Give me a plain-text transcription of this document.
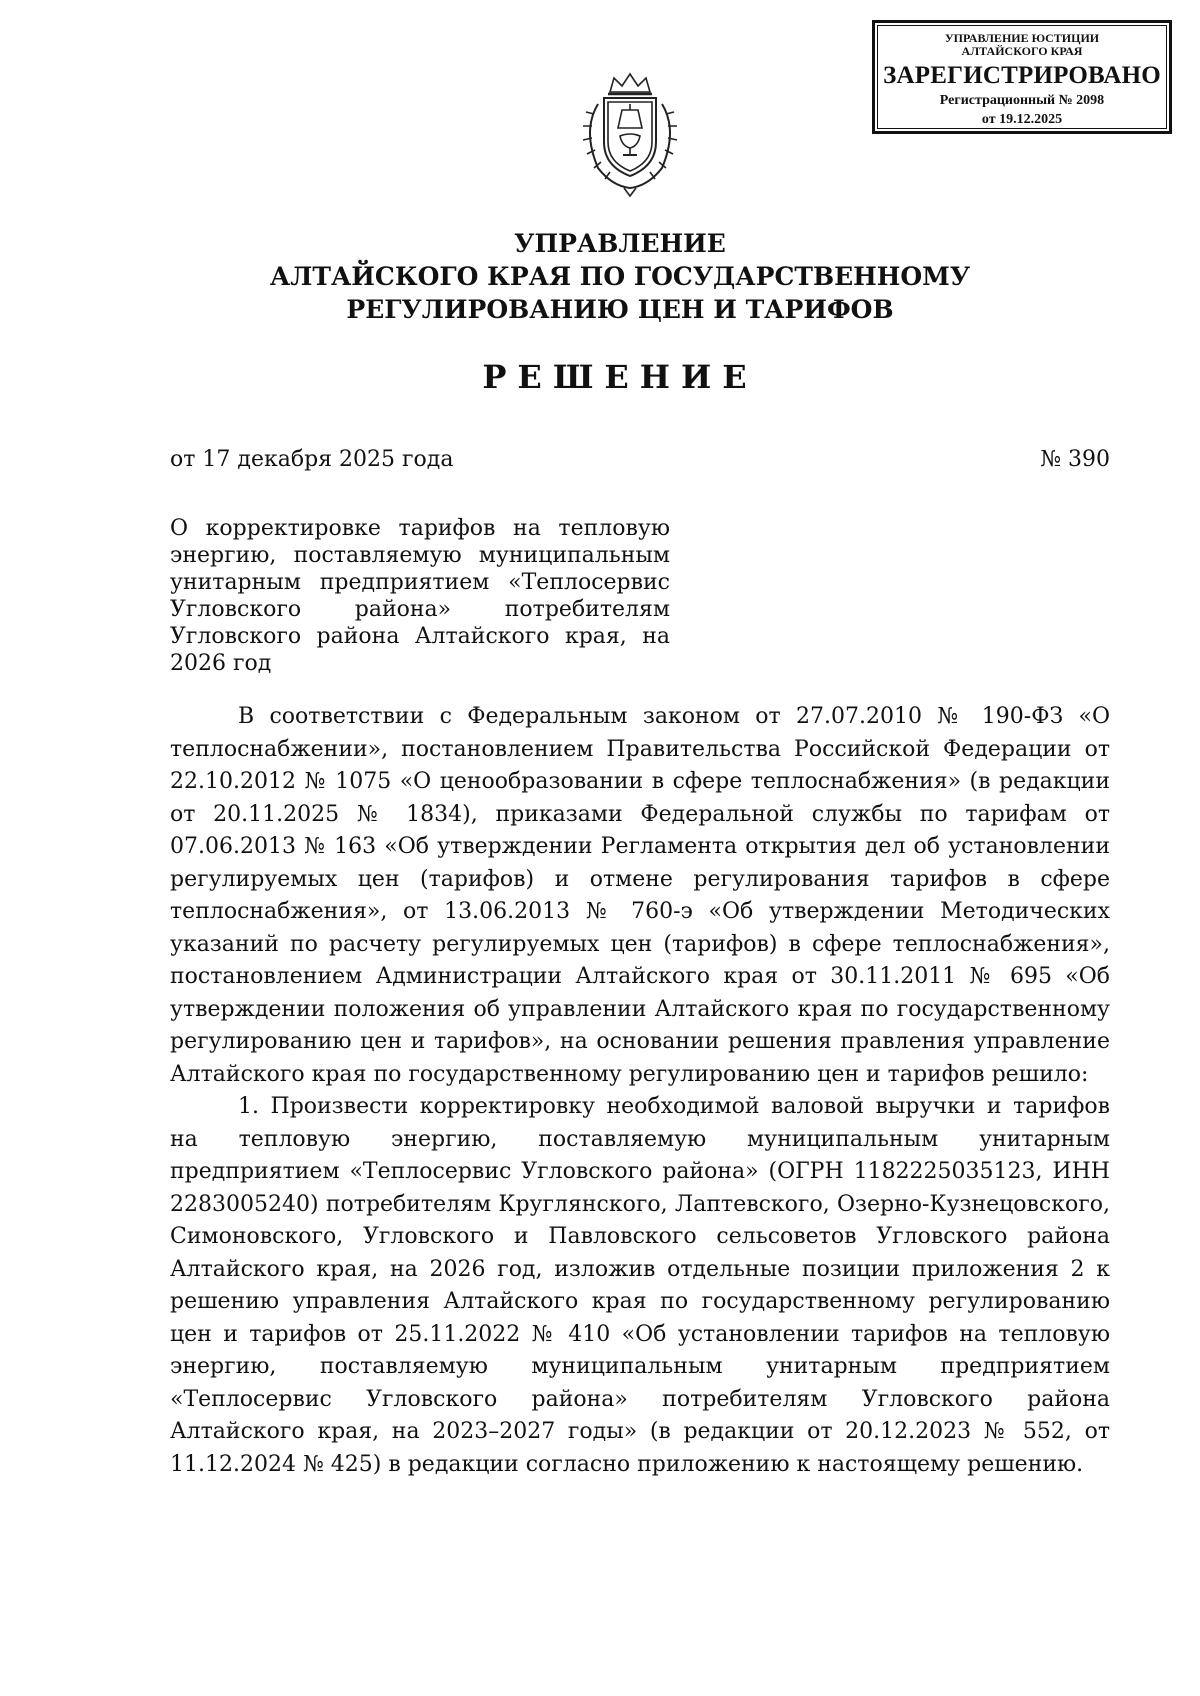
УПРАВЛЕНИЕ ЮСТИЦИИ
АЛТАЙСКОГО КРАЯ
ЗАРЕГИСТРИРОВАНО
Регистрационный № 2098
от 19.12.2025
УПРАВЛЕНИЕ
АЛТАЙСКОГО КРАЯ ПО ГОСУДАРСТВЕННОМУ
РЕГУЛИРОВАНИЮ ЦЕН И ТАРИФОВ
РЕШЕНИЕ
от 17 декабря 2025 года	№ 390
О корректировке тарифов на тепловую энергию, поставляемую муниципальным унитарным предприятием «Теплосервис Угловского района» потребителям Угловского района Алтайского края, на 2026 год

В соответствии с Федеральным законом от 27.07.2010 № 190-ФЗ «О теплоснабжении», постановлением Правительства Российской Федерации от 22.10.2012 № 1075 «О ценообразовании в сфере теплоснабжения» (в редакции от 20.11.2025 № 1834), приказами Федеральной службы по тарифам от 07.06.2013 № 163 «Об утверждении Регламента открытия дел об установлении регулируемых цен (тарифов) и отмене регулирования тарифов в сфере теплоснабжения», от 13.06.2013 № 760-э «Об утверждении Методических указаний по расчету регулируемых цен (тарифов) в сфере теплоснабжения», постановлением Администрации Алтайского края от 30.11.2011 № 695 «Об утверждении положения об управлении Алтайского края по государственному регулированию цен и тарифов», на основании решения правления управление Алтайского края по государственному регулированию цен и тарифов решило:

1. Произвести корректировку необходимой валовой выручки и тарифов на тепловую энергию, поставляемую муниципальным унитарным предприятием «Теплосервис Угловского района» (ОГРН 1182225035123, ИНН 2283005240) потребителям Круглянского, Лаптевского, Озерно-Кузнецовского, Симоновского, Угловского и Павловского сельсоветов Угловского района Алтайского края, на 2026 год, изложив отдельные позиции приложения 2 к решению управления Алтайского края по государственному регулированию цен и тарифов от 25.11.2022 № 410 «Об установлении тарифов на тепловую энергию, поставляемую муниципальным унитарным предприятием «Теплосервис Угловского района» потребителям Угловского района Алтайского края, на 2023–2027 годы» (в редакции от 20.12.2023 № 552, от 11.12.2024 № 425) в редакции согласно приложению к настоящему решению.
